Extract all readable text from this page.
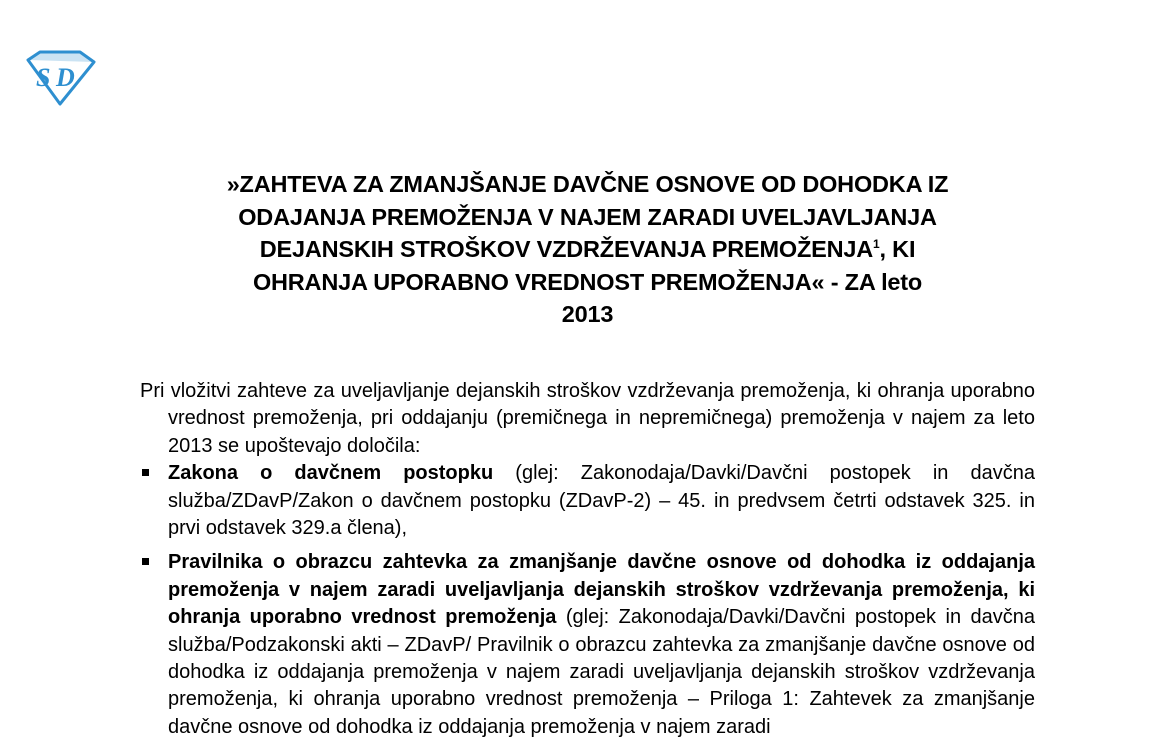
S D
»ZAHTEVA ZA ZMANJŠANJE DAVČNE OSNOVE OD DOHODKA IZ
ODAJANJA PREMOŽENJA V NAJEM ZARADI UVELJAVLJANJA
DEJANSKIH STROŠKOV VZDRŽEVANJA PREMOŽENJA$^1$, KI
OHRANJA UPORABNO VREDNOST PREMOŽENJA« - ZA leto
2013

Pri vložitvi zahteve za uveljavljanje dejanskih stroškov vzdrževanja premoženja, ki ohranja uporabno vrednost premoženja, pri oddajanju (premičnega in nepremičnega) premoženja v najem za leto 2013 se upoštevajo določila:

Zakona o davčnem postopku (glej: Zakonodaja/Davki/Davčni postopek in davčna služba/ZDavP/Zakon o davčnem postopku (ZDavP-2) – 45. in predvsem četrti odstavek 325. in prvi odstavek 329.a člena),
Pravilnika o obrazcu zahtevka za zmanjšanje davčne osnove od dohodka iz oddajanja premoženja v najem zaradi uveljavljanja dejanskih stroškov vzdrževanja premoženja, ki ohranja uporabno vrednost premoženja (glej: Zakonodaja/Davki/Davčni postopek in davčna služba/Podzakonski akti – ZDavP/ Pravilnik o obrazcu zahtevka za zmanjšanje davčne osnove od dohodka iz oddajanja premoženja v najem zaradi uveljavljanja dejanskih stroškov vzdrževanja premoženja, ki ohranja uporabno vrednost premoženja – Priloga 1: Zahtevek za zmanjšanje davčne osnove od dohodka iz oddajanja premoženja v najem zaradi
